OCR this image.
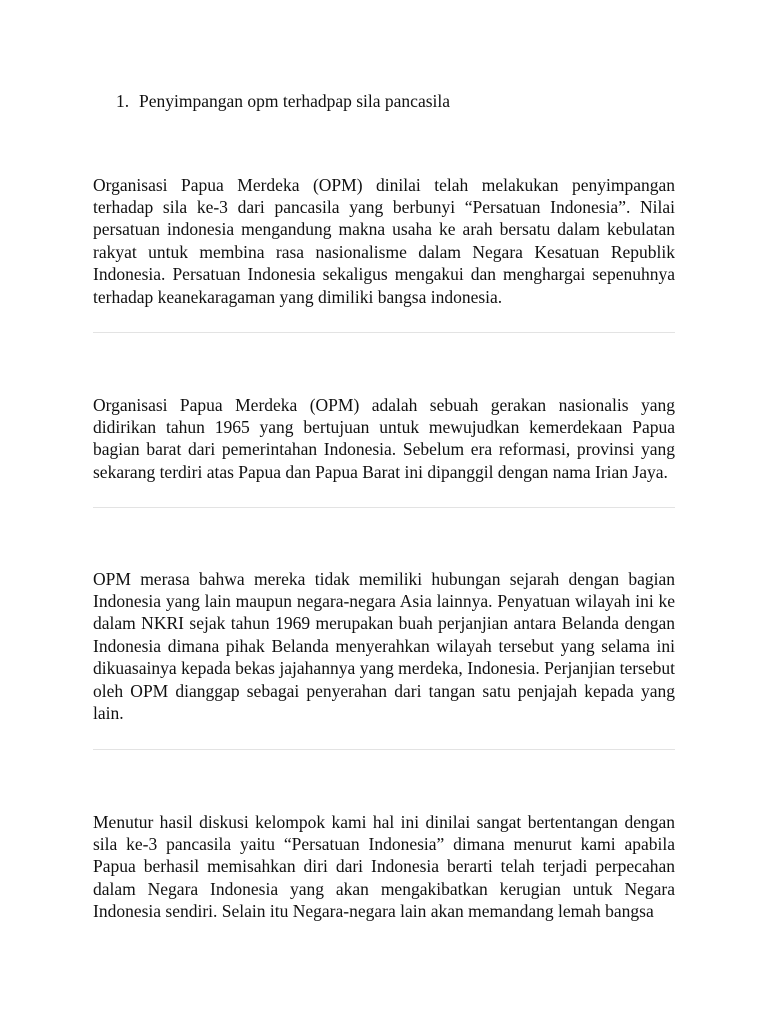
1. Penyimpangan opm terhadpap sila pancasila

Organisasi Papua Merdeka (OPM) dinilai telah melakukan penyimpangan terhadap sila ke-3 dari pancasila yang berbunyi “Persatuan Indonesia”. Nilai persatuan indonesia mengandung makna usaha ke arah bersatu dalam kebulatan rakyat untuk membina rasa nasionalisme dalam Negara Kesatuan Republik Indonesia. Persatuan Indonesia sekaligus mengakui dan menghargai sepenuhnya terhadap keanekaragaman yang dimiliki bangsa indonesia.

Organisasi Papua Merdeka (OPM) adalah sebuah gerakan nasionalis yang didirikan tahun 1965 yang bertujuan untuk mewujudkan kemerdekaan Papua bagian barat dari pemerintahan Indonesia. Sebelum era reformasi, provinsi yang sekarang terdiri atas Papua dan Papua Barat ini dipanggil dengan nama Irian Jaya.

OPM merasa bahwa mereka tidak memiliki hubungan sejarah dengan bagian Indonesia yang lain maupun negara-negara Asia lainnya. Penyatuan wilayah ini ke dalam NKRI sejak tahun 1969 merupakan buah perjanjian antara Belanda dengan Indonesia dimana pihak Belanda menyerahkan wilayah tersebut yang selama ini dikuasainya kepada bekas jajahannya yang merdeka, Indonesia. Perjanjian tersebut oleh OPM dianggap sebagai penyerahan dari tangan satu penjajah kepada yang lain.

Menutur hasil diskusi kelompok kami hal ini dinilai sangat bertentangan dengan sila ke-3 pancasila yaitu “Persatuan Indonesia” dimana menurut kami apabila Papua berhasil memisahkan diri dari Indonesia berarti telah terjadi perpecahan dalam Negara Indonesia yang akan mengakibatkan kerugian untuk Negara Indonesia sendiri. Selain itu Negara-negara lain akan memandang lemah bangsa
